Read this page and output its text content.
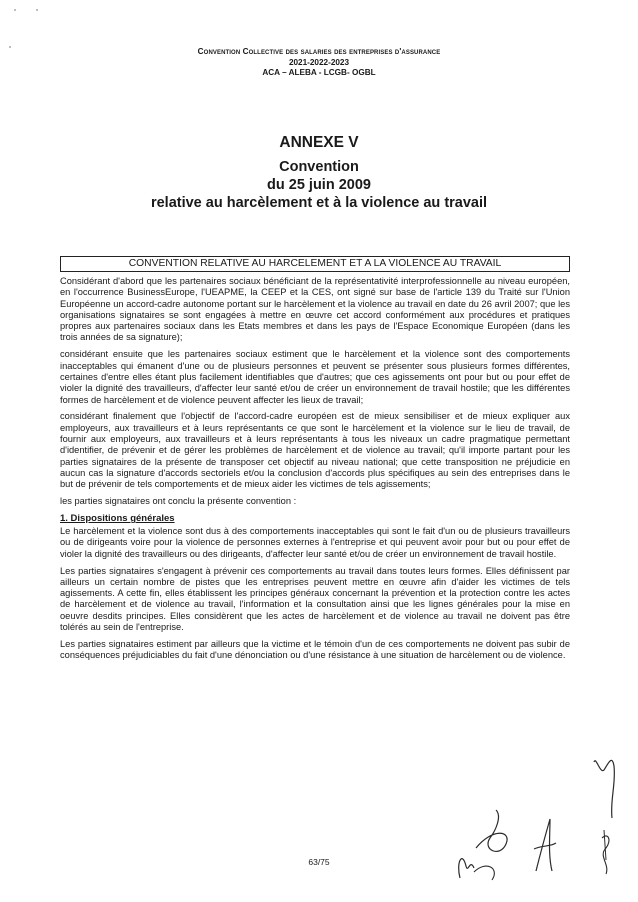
Convention Collective des salaries des entreprises d'assurance
2021-2022-2023
ACA – ALEBA - LCGB- OGBL
ANNEXE V
Convention
du 25 juin 2009
relative au harcèlement et à la violence au travail
CONVENTION RELATIVE AU HARCELEMENT ET A LA VIOLENCE AU TRAVAIL

Considérant d'abord que les partenaires sociaux bénéficiant de la représentativité interprofessionnelle au niveau européen, en l'occurrence BusinessEurope, l'UEAPME, la CEEP et la CES, ont signé sur base de l'article 139 du Traité sur l'Union Européenne un accord-cadre autonome portant sur le harcèlement et la violence au travail en date du 26 avril 2007; que les organisations signataires se sont engagées à mettre en œuvre cet accord conformément aux procédures et pratiques propres aux partenaires sociaux dans les Etats membres et dans les pays de l'Espace Economique Européen (dans les trois années de sa signature);

considérant ensuite que les partenaires sociaux estiment que le harcèlement et la violence sont des comportements inacceptables qui émanent d'une ou de plusieurs personnes et peuvent se présenter sous plusieurs formes différentes, certaines d'entre elles étant plus facilement identifiables que d'autres; que ces agissements ont pour but ou pour effet de violer la dignité des travailleurs, d'affecter leur santé et/ou de créer un environnement de travail hostile; que les différentes formes de harcèlement et de violence peuvent affecter les lieux de travail;

considérant finalement que l'objectif de l'accord-cadre européen est de mieux sensibiliser et de mieux expliquer aux employeurs, aux travailleurs et à leurs représentants ce que sont le harcèlement et la violence sur le lieu de travail, de fournir aux employeurs, aux travailleurs et à leurs représentants à tous les niveaux un cadre pragmatique permettant d'identifier, de prévenir et de gérer les problèmes de harcèlement et de violence au travail; qu'il importe partant pour les parties signataires de la présente de transposer cet objectif au niveau national; que cette transposition ne préjudicie en aucun cas la signature d'accords sectoriels et/ou la conclusion d'accords plus spécifiques au sein des entreprises dans le but de prévenir de tels comportements et de mieux aider les victimes de tels agissements;

les parties signataires ont conclu la présente convention :

1. Dispositions générales

Le harcèlement et la violence sont dus à des comportements inacceptables qui sont le fait d'un ou de plusieurs travailleurs ou de dirigeants voire pour la violence de personnes externes à l'entreprise et qui peuvent avoir pour but ou pour effet de violer la dignité des travailleurs ou des dirigeants, d'affecter leur santé et/ou de créer un environnement de travail hostile.

Les parties signataires s'engagent à prévenir ces comportements au travail dans toutes leurs formes. Elles définissent par ailleurs un certain nombre de pistes que les entreprises peuvent mettre en œuvre afin d'aider les victimes de tels agissements. A cette fin, elles établissent les principes généraux concernant la prévention et la protection contre les actes de harcèlement et de violence au travail, l'information et la consultation ainsi que les lignes générales pour la mise en oeuvre desdits principes. Elles considèrent que les actes de harcèlement et de violence au travail ne doivent pas être tolérés au sein de l'entreprise.

Les parties signataires estiment par ailleurs que la victime et le témoin d'un de ces comportements ne doivent pas subir de conséquences préjudiciables du fait d'une dénonciation ou d'une résistance à une situation de harcèlement ou de violence.

63/75
